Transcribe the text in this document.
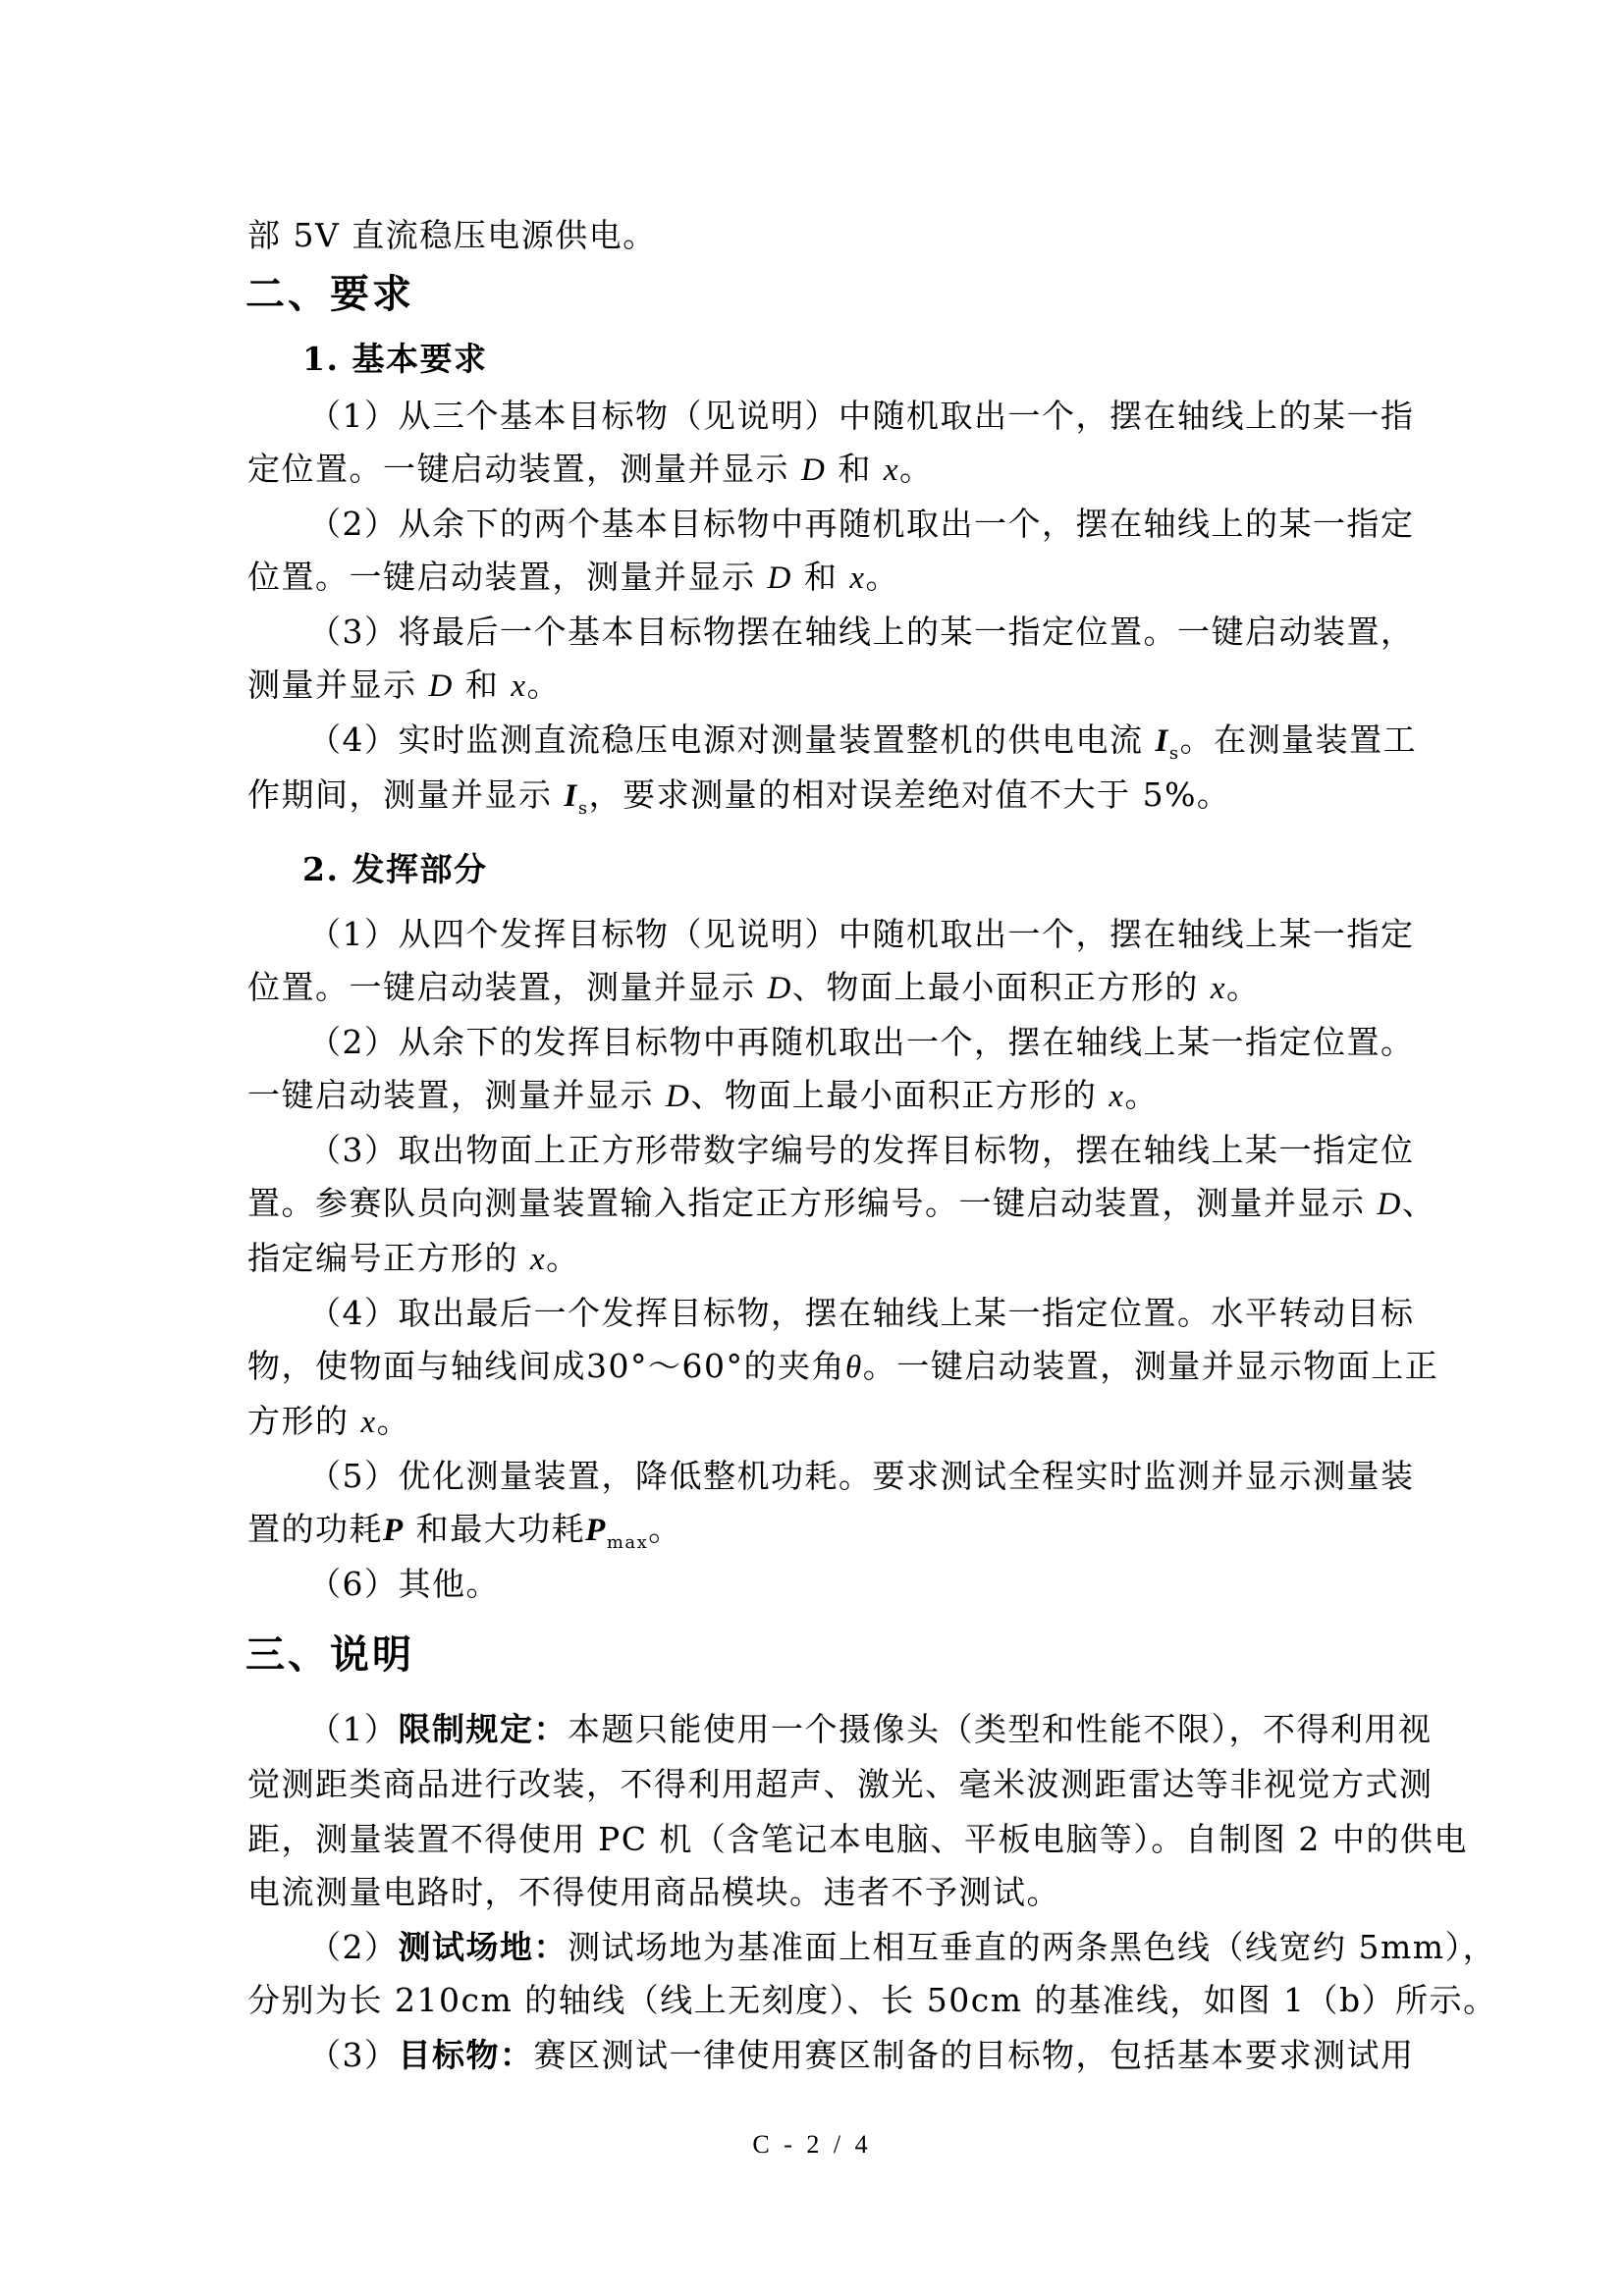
部 5V 直流稳压电源供电。
二、要求
1. 基本要求
（1）从三个基本目标物（见说明）中随机取出一个，摆在轴线上的某一指
定位置。一键启动装置，测量并显示 D 和 x。
（2）从余下的两个基本目标物中再随机取出一个，摆在轴线上的某一指定
位置。一键启动装置，测量并显示 D 和 x。
（3）将最后一个基本目标物摆在轴线上的某一指定位置。一键启动装置，
测量并显示 D 和 x。
（4）实时监测直流稳压电源对测量装置整机的供电电流 $I_s$。在测量装置工
作期间，测量并显示 $I_s$，要求测量的相对误差绝对值不大于 5%。
2. 发挥部分
（1）从四个发挥目标物（见说明）中随机取出一个，摆在轴线上某一指定
位置。一键启动装置，测量并显示 D、物面上最小面积正方形的 x。
（2）从余下的发挥目标物中再随机取出一个，摆在轴线上某一指定位置。
一键启动装置，测量并显示 D、物面上最小面积正方形的 x。
（3）取出物面上正方形带数字编号的发挥目标物，摆在轴线上某一指定位
置。参赛队员向测量装置输入指定正方形编号。一键启动装置，测量并显示 D、
指定编号正方形的 x。
（4）取出最后一个发挥目标物，摆在轴线上某一指定位置。水平转动目标
物，使物面与轴线间成30°～60°的夹角θ。一键启动装置，测量并显示物面上正
方形的 x。
（5）优化测量装置，降低整机功耗。要求测试全程实时监测并显示测量装
置的功耗P 和最大功耗$P_{max}$。
（6）其他。
三、说明
（1）限制规定：本题只能使用一个摄像头（类型和性能不限），不得利用视
觉测距类商品进行改装，不得利用超声、激光、毫米波测距雷达等非视觉方式测
距，测量装置不得使用 PC 机（含笔记本电脑、平板电脑等）。自制图 2 中的供电
电流测量电路时，不得使用商品模块。违者不予测试。
（2）测试场地：测试场地为基准面上相互垂直的两条黑色线（线宽约 5mm），
分别为长 210cm 的轴线（线上无刻度）、长 50cm 的基准线，如图 1（b）所示。
（3）目标物：赛区测试一律使用赛区制备的目标物，包括基本要求测试用
C - 2 / 4
